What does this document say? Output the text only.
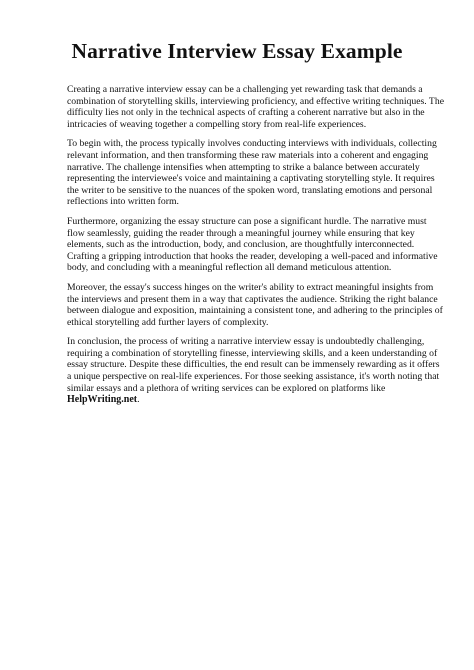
Narrative Interview Essay Example

Creating a narrative interview essay can be a challenging yet rewarding task that demands a combination of storytelling skills, interviewing proficiency, and effective writing techniques. The difficulty lies not only in the technical aspects of crafting a coherent narrative but also in the intricacies of weaving together a compelling story from real-life experiences.

To begin with, the process typically involves conducting interviews with individuals, collecting relevant information, and then transforming these raw materials into a coherent and engaging narrative. The challenge intensifies when attempting to strike a balance between accurately representing the interviewee's voice and maintaining a captivating storytelling style. It requires the writer to be sensitive to the nuances of the spoken word, translating emotions and personal reflections into written form.

Furthermore, organizing the essay structure can pose a significant hurdle. The narrative must flow seamlessly, guiding the reader through a meaningful journey while ensuring that key elements, such as the introduction, body, and conclusion, are thoughtfully interconnected. Crafting a gripping introduction that hooks the reader, developing a well-paced and informative body, and concluding with a meaningful reflection all demand meticulous attention.

Moreover, the essay's success hinges on the writer's ability to extract meaningful insights from the interviews and present them in a way that captivates the audience. Striking the right balance between dialogue and exposition, maintaining a consistent tone, and adhering to the principles of ethical storytelling add further layers of complexity.

In conclusion, the process of writing a narrative interview essay is undoubtedly challenging, requiring a combination of storytelling finesse, interviewing skills, and a keen understanding of essay structure. Despite these difficulties, the end result can be immensely rewarding as it offers a unique perspective on real-life experiences. For those seeking assistance, it's worth noting that similar essays and a plethora of writing services can be explored on platforms like HelpWriting.net.
